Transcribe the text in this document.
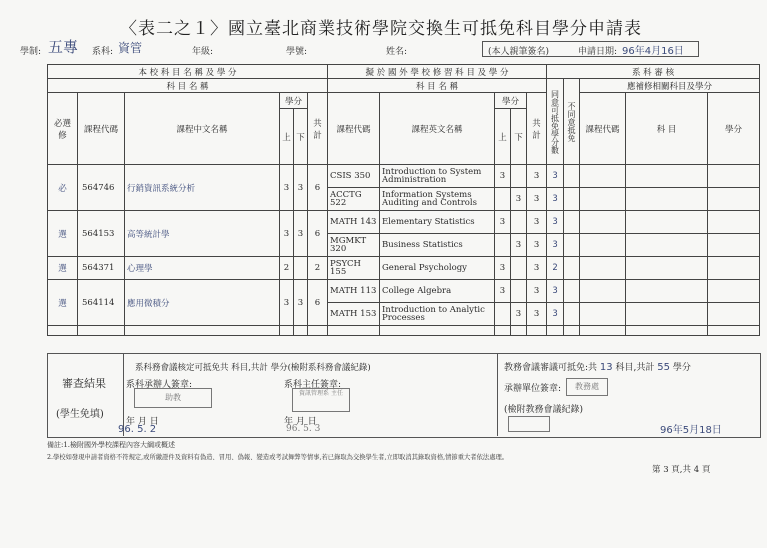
〈表二之１〉國立臺北商業技術學院交換生可抵免科目學分申請表
學制: 五專 系科: 資管	年級:	學號:	姓名:	(本人親筆簽名)	申請日期: 96年4月16日
本 校 科 目 名 稱 及 學 分						擬 於 國 外 學 校 修 習 科 目 及 學 分					系 科 審 核				
科 目 名 稱						科 目 名 稱					同意可抵免學分數	不同意抵免	應補修相關科目及學分		
必選修	課程代碼	課程中文名稱	學分		共計	課程代碼	課程英文名稱	學分		共計			課程代碼	科 目	學分
			上	下				上	下						
必	564746	行銷資訊系統分析	3	3	6	CSIS 350	Introduction to System Administration	3		3	3				
						ACCTG 522	Information Systems Auditing and Controls		3	3	3				
選	564153	高等統計學	3	3	6	MATH 143	Elementary Statistics	3		3	3				
						MGMKT 320	Business Statistics		3	3	3				
選	564371	心理學	2		2	PSYCH 155	General Psychology	3		3	2				
選	564114	應用微積分	3	3	6	MATH 113	College Algebra	3		3	3				
						MATH 153	Introduction to Analytic Processes		3	3	3				

審查結果
(學生免填)
系科務會議核定可抵免共 科目,共計 學分(檢附系科務會議紀錄)
系科承辦人簽章:
助教
系科主任簽章:
資訊管理系 主任
年 月 日
96. 5. 2
年 月 日
96. 5. 3
教務會議審議可抵免:共 13 科目,共計 55 學分
承辦單位簽章:	教務處
(檢附教務會議紀錄)
96年5月18日
備註:1.檢附國外學校課程內容大綱或概述
2.學校如發現申請者資格不符規定,或所繳證件及資料有偽造、冒用、偽報、變造或考試舞弊等情事,若已錄取為交換學生者,立即取消其錄取資格,情節重大者依法處理。
第 3 頁,共 4 頁
